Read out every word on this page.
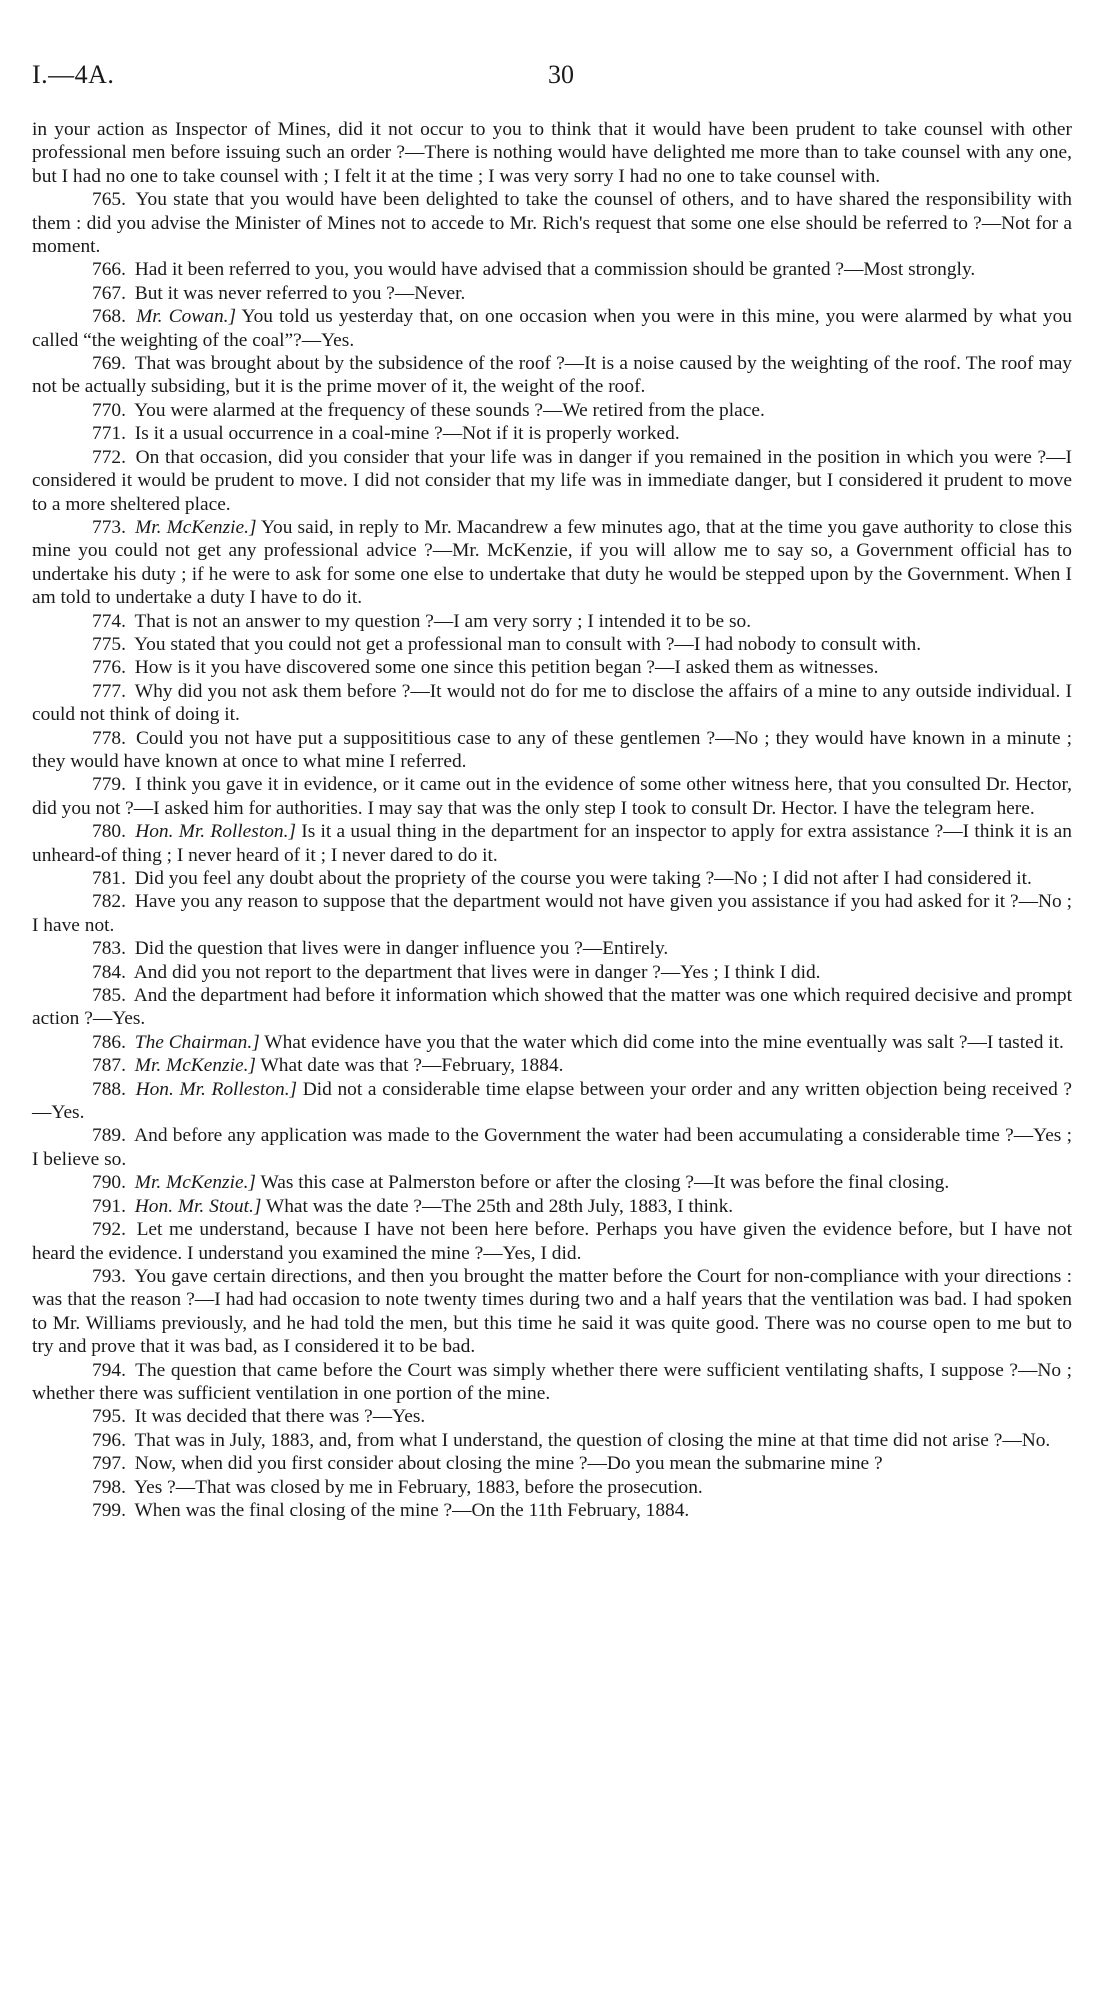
I.—4A.	30

in your action as Inspector of Mines, did it not occur to you to think that it would have been prudent to take counsel with other professional men before issuing such an order ?—There is nothing would have delighted me more than to take counsel with any one, but I had no one to take counsel with ; I felt it at the time ; I was very sorry I had no one to take counsel with.

765. You state that you would have been delighted to take the counsel of others, and to have shared the responsibility with them : did you advise the Minister of Mines not to accede to Mr. Rich's request that some one else should be referred to ?—Not for a moment.

766. Had it been referred to you, you would have advised that a commission should be granted ?—Most strongly.

767. But it was never referred to you ?—Never.

768. Mr. Cowan.] You told us yesterday that, on one occasion when you were in this mine, you were alarmed by what you called “the weighting of the coal”?—Yes.

769. That was brought about by the subsidence of the roof ?—It is a noise caused by the weighting of the roof. The roof may not be actually subsiding, but it is the prime mover of it, the weight of the roof.

770. You were alarmed at the frequency of these sounds ?—We retired from the place.

771. Is it a usual occurrence in a coal-mine ?—Not if it is properly worked.

772. On that occasion, did you consider that your life was in danger if you remained in the position in which you were ?—I considered it would be prudent to move. I did not consider that my life was in immediate danger, but I considered it prudent to move to a more sheltered place.

773. Mr. McKenzie.] You said, in reply to Mr. Macandrew a few minutes ago, that at the time you gave authority to close this mine you could not get any professional advice ?—Mr. McKenzie, if you will allow me to say so, a Government official has to undertake his duty ; if he were to ask for some one else to undertake that duty he would be stepped upon by the Government. When I am told to undertake a duty I have to do it.

774. That is not an answer to my question ?—I am very sorry ; I intended it to be so.

775. You stated that you could not get a professional man to consult with ?—I had nobody to consult with.

776. How is it you have discovered some one since this petition began ?—I asked them as witnesses.

777. Why did you not ask them before ?—It would not do for me to disclose the affairs of a mine to any outside individual. I could not think of doing it.

778. Could you not have put a supposititious case to any of these gentlemen ?—No ; they would have known in a minute ; they would have known at once to what mine I referred.

779. I think you gave it in evidence, or it came out in the evidence of some other witness here, that you consulted Dr. Hector, did you not ?—I asked him for authorities. I may say that was the only step I took to consult Dr. Hector. I have the telegram here.

780. Hon. Mr. Rolleston.] Is it a usual thing in the department for an inspector to apply for extra assistance ?—I think it is an unheard-of thing ; I never heard of it ; I never dared to do it.

781. Did you feel any doubt about the propriety of the course you were taking ?—No ; I did not after I had considered it.

782. Have you any reason to suppose that the department would not have given you assistance if you had asked for it ?—No ; I have not.

783. Did the question that lives were in danger influence you ?—Entirely.

784. And did you not report to the department that lives were in danger ?—Yes ; I think I did.

785. And the department had before it information which showed that the matter was one which required decisive and prompt action ?—Yes.

786. The Chairman.] What evidence have you that the water which did come into the mine eventually was salt ?—I tasted it.

787. Mr. McKenzie.] What date was that ?—February, 1884.

788. Hon. Mr. Rolleston.] Did not a considerable time elapse between your order and any written objection being received ?—Yes.

789. And before any application was made to the Government the water had been accumulating a considerable time ?—Yes ; I believe so.

790. Mr. McKenzie.] Was this case at Palmerston before or after the closing ?—It was before the final closing.

791. Hon. Mr. Stout.] What was the date ?—The 25th and 28th July, 1883, I think.

792. Let me understand, because I have not been here before. Perhaps you have given the evidence before, but I have not heard the evidence. I understand you examined the mine ?—Yes, I did.

793. You gave certain directions, and then you brought the matter before the Court for non-compliance with your directions : was that the reason ?—I had had occasion to note twenty times during two and a half years that the ventilation was bad. I had spoken to Mr. Williams previously, and he had told the men, but this time he said it was quite good. There was no course open to me but to try and prove that it was bad, as I considered it to be bad.

794. The question that came before the Court was simply whether there were sufficient ventilating shafts, I suppose ?—No ; whether there was sufficient ventilation in one portion of the mine.

795. It was decided that there was ?—Yes.

796. That was in July, 1883, and, from what I understand, the question of closing the mine at that time did not arise ?—No.

797. Now, when did you first consider about closing the mine ?—Do you mean the submarine mine ?

798. Yes ?—That was closed by me in February, 1883, before the prosecution.

799. When was the final closing of the mine ?—On the 11th February, 1884.
